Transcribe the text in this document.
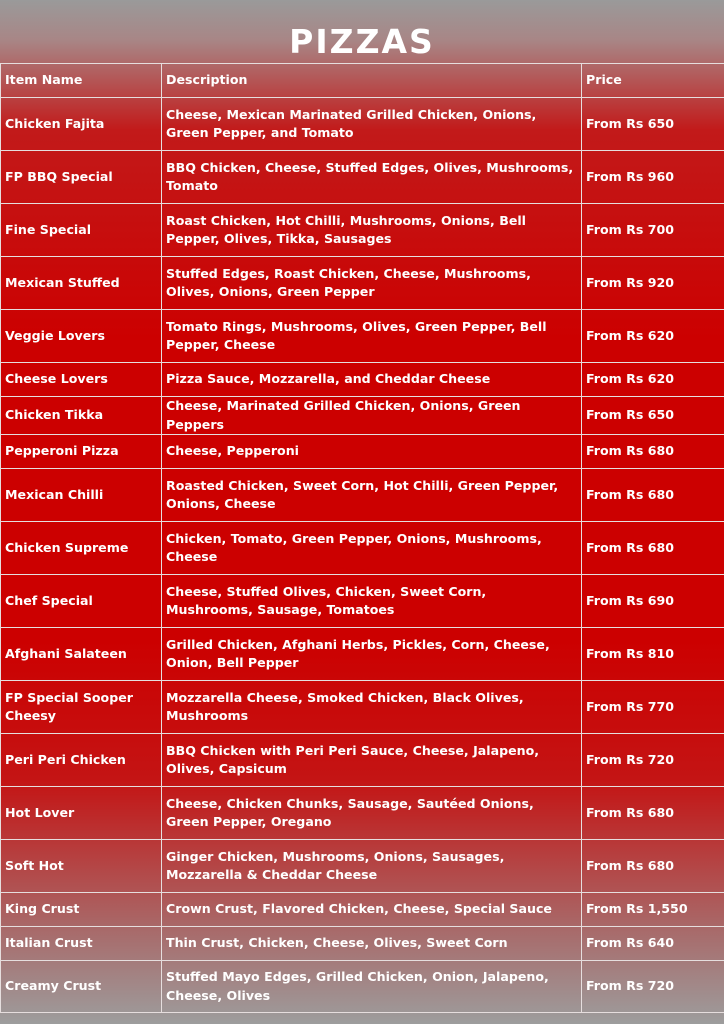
PIZZAS
Item Name	Description	Price
Chicken Fajita	Cheese, Mexican Marinated Grilled Chicken, Onions, Green Pepper, and Tomato	From Rs 650
FP BBQ Special	BBQ Chicken, Cheese, Stuffed Edges, Olives, Mushrooms, Tomato	From Rs 960
Fine Special	Roast Chicken, Hot Chilli, Mushrooms, Onions, Bell Pepper, Olives, Tikka, Sausages	From Rs 700
Mexican Stuffed	Stuffed Edges, Roast Chicken, Cheese, Mushrooms, Olives, Onions, Green Pepper	From Rs 920
Veggie Lovers	Tomato Rings, Mushrooms, Olives, Green Pepper, Bell Pepper, Cheese	From Rs 620
Cheese Lovers	Pizza Sauce, Mozzarella, and Cheddar Cheese	From Rs 620
Chicken Tikka	Cheese, Marinated Grilled Chicken, Onions, Green Peppers	From Rs 650
Pepperoni Pizza	Cheese, Pepperoni	From Rs 680
Mexican Chilli	Roasted Chicken, Sweet Corn, Hot Chilli, Green Pepper, Onions, Cheese	From Rs 680
Chicken Supreme	Chicken, Tomato, Green Pepper, Onions, Mushrooms, Cheese	From Rs 680
Chef Special	Cheese, Stuffed Olives, Chicken, Sweet Corn, Mushrooms, Sausage, Tomatoes	From Rs 690
Afghani Salateen	Grilled Chicken, Afghani Herbs, Pickles, Corn, Cheese, Onion, Bell Pepper	From Rs 810
FP Special Sooper Cheesy	Mozzarella Cheese, Smoked Chicken, Black Olives, Mushrooms	From Rs 770
Peri Peri Chicken	BBQ Chicken with Peri Peri Sauce, Cheese, Jalapeno, Olives, Capsicum	From Rs 720
Hot Lover	Cheese, Chicken Chunks, Sausage, Sautéed Onions, Green Pepper, Oregano	From Rs 680
Soft Hot	Ginger Chicken, Mushrooms, Onions, Sausages, Mozzarella & Cheddar Cheese	From Rs 680
King Crust	Crown Crust, Flavored Chicken, Cheese, Special Sauce	From Rs 1,550
Italian Crust	Thin Crust, Chicken, Cheese, Olives, Sweet Corn	From Rs 640
Creamy Crust	Stuffed Mayo Edges, Grilled Chicken, Onion, Jalapeno, Cheese, Olives	From Rs 720
